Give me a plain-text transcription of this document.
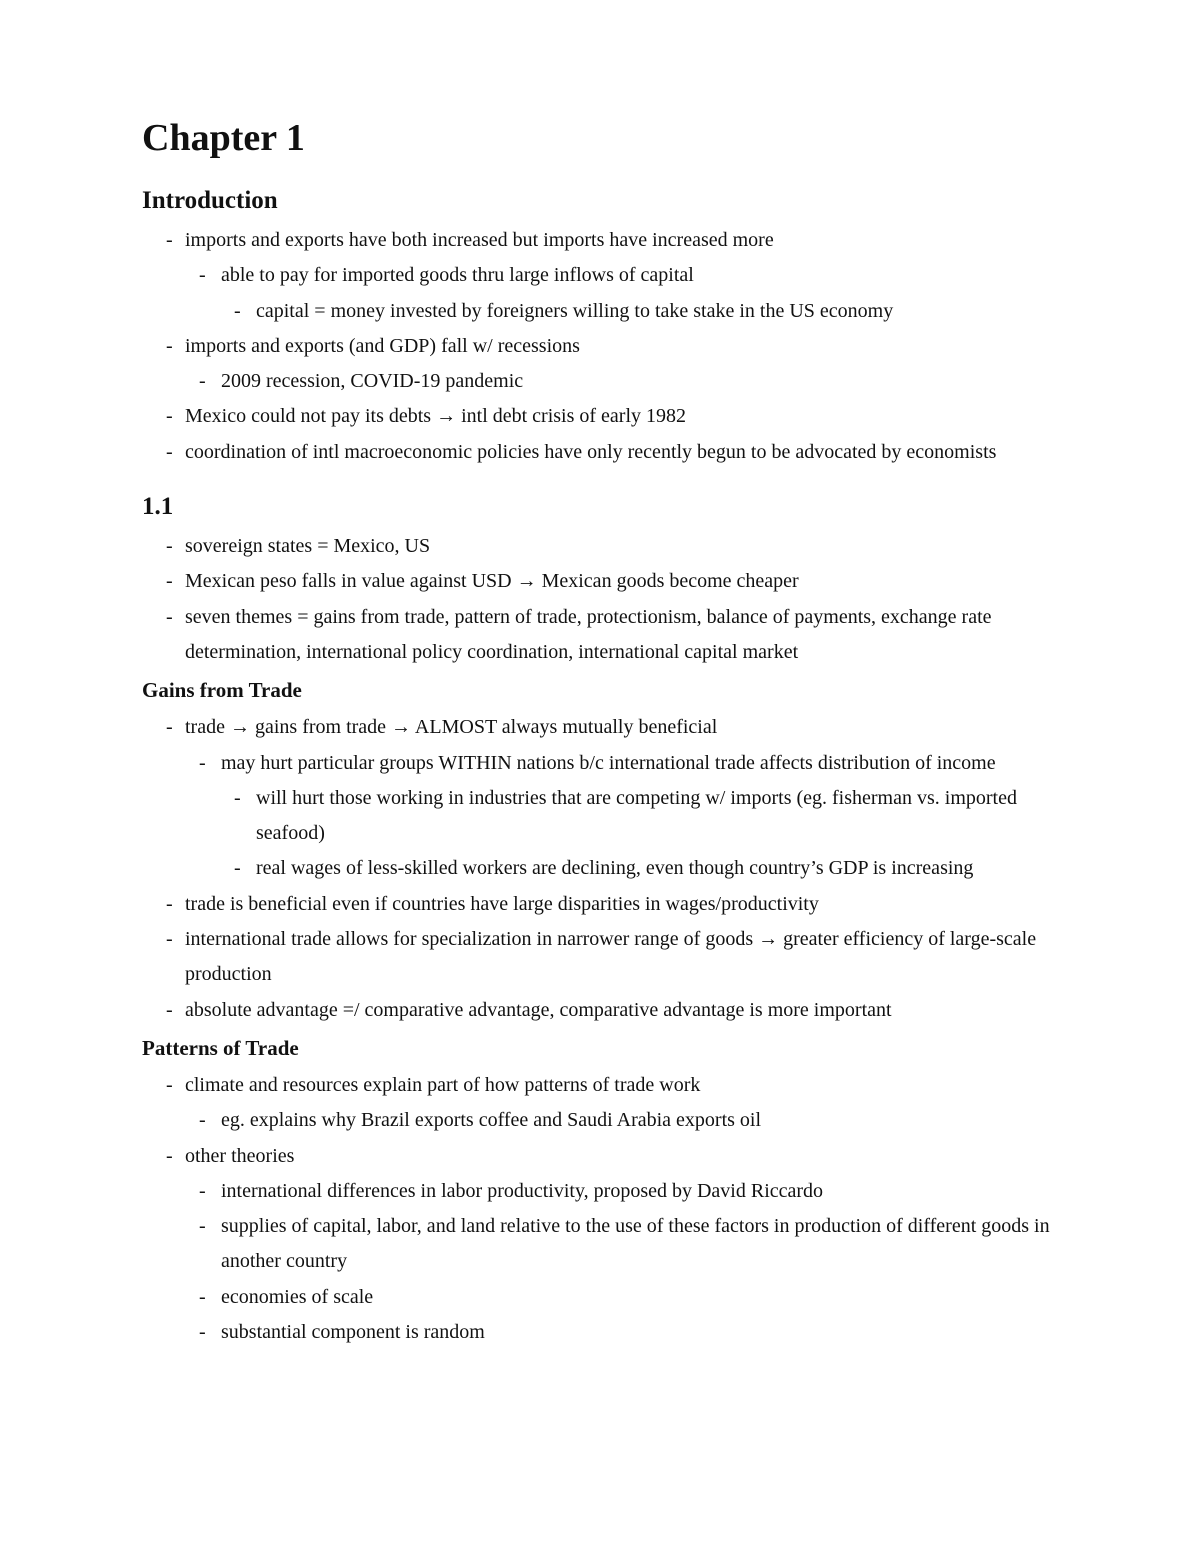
Chapter 1
Introduction
- imports and exports have both increased but imports have increased more
- able to pay for imported goods thru large inflows of capital
- capital = money invested by foreigners willing to take stake in the US economy
- imports and exports (and GDP) fall w/ recessions
- 2009 recession, COVID-19 pandemic
- Mexico could not pay its debts → intl debt crisis of early 1982
- coordination of intl macroeconomic policies have only recently begun to be advocated by economists
1.1
- sovereign states = Mexico, US
- Mexican peso falls in value against USD → Mexican goods become cheaper
- seven themes = gains from trade, pattern of trade, protectionism, balance of payments, exchange rate determination, international policy coordination, international capital market
Gains from Trade
- trade → gains from trade → ALMOST always mutually beneficial
- may hurt particular groups WITHIN nations b/c international trade affects distribution of income
- will hurt those working in industries that are competing w/ imports (eg. fisherman vs. imported seafood)
- real wages of less-skilled workers are declining, even though country’s GDP is increasing
- trade is beneficial even if countries have large disparities in wages/productivity
- international trade allows for specialization in narrower range of goods → greater efficiency of large-scale production
- absolute advantage =/ comparative advantage, comparative advantage is more important
Patterns of Trade
- climate and resources explain part of how patterns of trade work
- eg. explains why Brazil exports coffee and Saudi Arabia exports oil
- other theories
- international differences in labor productivity, proposed by David Riccardo
- supplies of capital, labor, and land relative to the use of these factors in production of different goods in another country
- economies of scale
- substantial component is random
